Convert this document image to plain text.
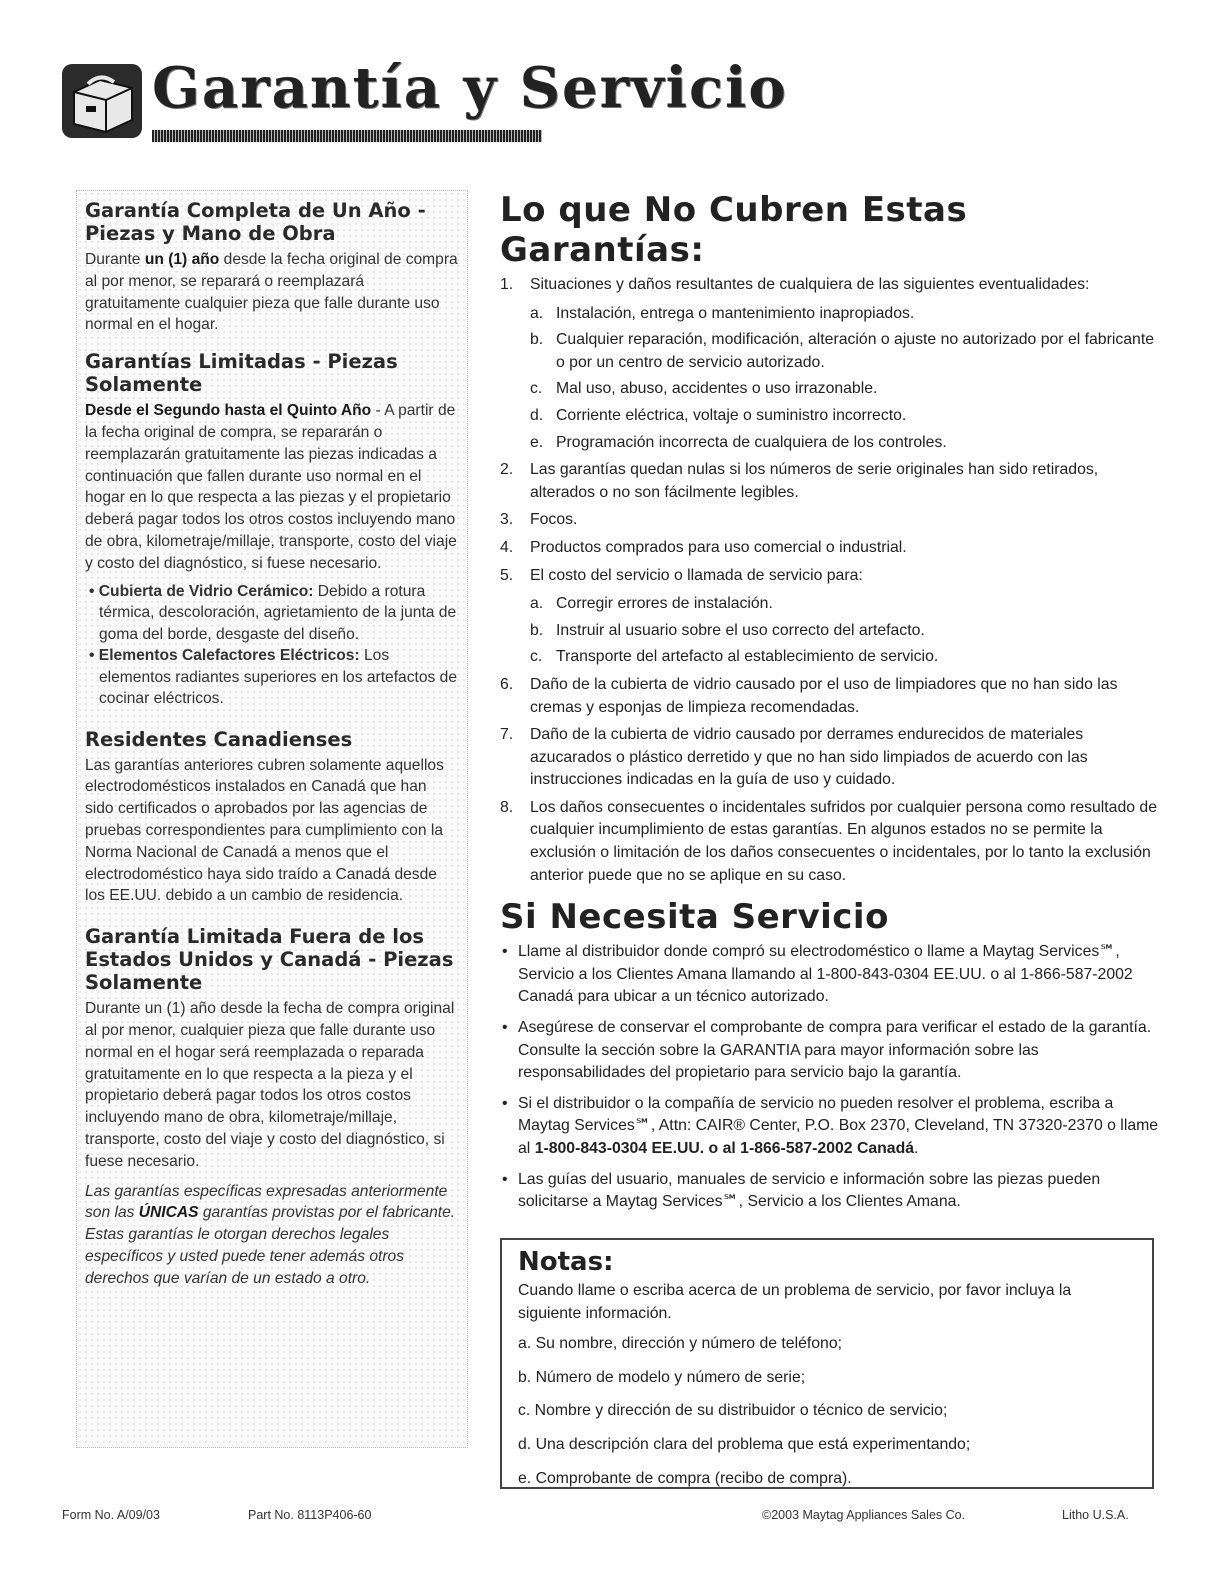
Garantía y Servicio
Garantía Completa de Un Año - Piezas y Mano de Obra

Durante un (1) año desde la fecha original de compra al por menor, se reparará o reemplazará gratuitamente cualquier pieza que falle durante uso normal en el hogar.

Garantías Limitadas - Piezas Solamente

Desde el Segundo hasta el Quinto Año - A partir de la fecha original de compra, se repararán o reemplazarán gratuitamente las piezas indicadas a continuación que fallen durante uso normal en el hogar en lo que respecta a las piezas y el propietario deberá pagar todos los otros costos incluyendo mano de obra, kilometraje/millaje, transporte, costo del viaje y costo del diagnóstico, si fuese necesario.

• Cubierta de Vidrio Cerámico: Debido a rotura térmica, descoloración, agrietamiento de la junta de goma del borde, desgaste del diseño.
• Elementos Calefactores Eléctricos: Los elementos radiantes superiores en los artefactos de cocinar eléctricos.
Residentes Canadienses

Las garantías anteriores cubren solamente aquellos electrodomésticos instalados en Canadá que han sido certificados o aprobados por las agencias de pruebas correspondientes para cumplimiento con la Norma Nacional de Canadá a menos que el electrodoméstico haya sido traído a Canadá desde los EE.UU. debido a un cambio de residencia.

Garantía Limitada Fuera de los Estados Unidos y Canadá - Piezas Solamente

Durante un (1) año desde la fecha de compra original al por menor, cualquier pieza que falle durante uso normal en el hogar será reemplazada o reparada gratuitamente en lo que respecta a la pieza y el propietario deberá pagar todos los otros costos incluyendo mano de obra, kilometraje/millaje, transporte, costo del viaje y costo del diagnóstico, si fuese necesario.

Las garantías específicas expresadas anteriormente son las ÚNICAS garantías provistas por el fabricante. Estas garantías le otorgan derechos legales específicos y usted puede tener además otros derechos que varían de un estado a otro.

Lo que No Cubren Estas Garantías:
1. Situaciones y daños resultantes de cualquiera de las siguientes eventualidades:
a. Instalación, entrega o mantenimiento inapropiados.
b. Cualquier reparación, modificación, alteración o ajuste no autorizado por el fabricante o por un centro de servicio autorizado.
c. Mal uso, abuso, accidentes o uso irrazonable.
d. Corriente eléctrica, voltaje o suministro incorrecto.
e. Programación incorrecta de cualquiera de los controles.
2. Las garantías quedan nulas si los números de serie originales han sido retirados, alterados o no son fácilmente legibles.
3. Focos.
4. Productos comprados para uso comercial o industrial.
5. El costo del servicio o llamada de servicio para:
a. Corregir errores de instalación.
b. Instruir al usuario sobre el uso correcto del artefacto.
c. Transporte del artefacto al establecimiento de servicio.
6. Daño de la cubierta de vidrio causado por el uso de limpiadores que no han sido las cremas y esponjas de limpieza recomendadas.
7. Daño de la cubierta de vidrio causado por derrames endurecidos de materiales azucarados o plástico derretido y que no han sido limpiados de acuerdo con las instrucciones indicadas en la guía de uso y cuidado.
8. Los daños consecuentes o incidentales sufridos por cualquier persona como resultado de cualquier incumplimiento de estas garantías. En algunos estados no se permite la exclusión o limitación de los daños consecuentes o incidentales, por lo tanto la exclusión anterior puede que no se aplique en su caso.
Si Necesita Servicio
• Llame al distribuidor donde compró su electrodoméstico o llame a Maytag Services℠, Servicio a los Clientes Amana llamando al 1-800-843-0304 EE.UU. o al 1-866-587-2002 Canadá para ubicar a un técnico autorizado.
• Asegúrese de conservar el comprobante de compra para verificar el estado de la garantía. Consulte la sección sobre la GARANTIA para mayor información sobre las responsabilidades del propietario para servicio bajo la garantía.
• Si el distribuidor o la compañía de servicio no pueden resolver el problema, escriba a Maytag Services℠, Attn: CAIR® Center, P.O. Box 2370, Cleveland, TN 37320-2370 o llame al 1-800-843-0304 EE.UU. o al 1-866-587-2002 Canadá.
• Las guías del usuario, manuales de servicio e información sobre las piezas pueden solicitarse a Maytag Services℠, Servicio a los Clientes Amana.
Notas:

Cuando llame o escriba acerca de un problema de servicio, por favor incluya la siguiente información.

a. Su nombre, dirección y número de teléfono;
b. Número de modelo y número de serie;
c. Nombre y dirección de su distribuidor o técnico de servicio;
d. Una descripción clara del problema que está experimentando;
e. Comprobante de compra (recibo de compra).
Form No. A/09/03	Part No. 8113P406-60	©2003 Maytag Appliances Sales Co.	Litho U.S.A.
